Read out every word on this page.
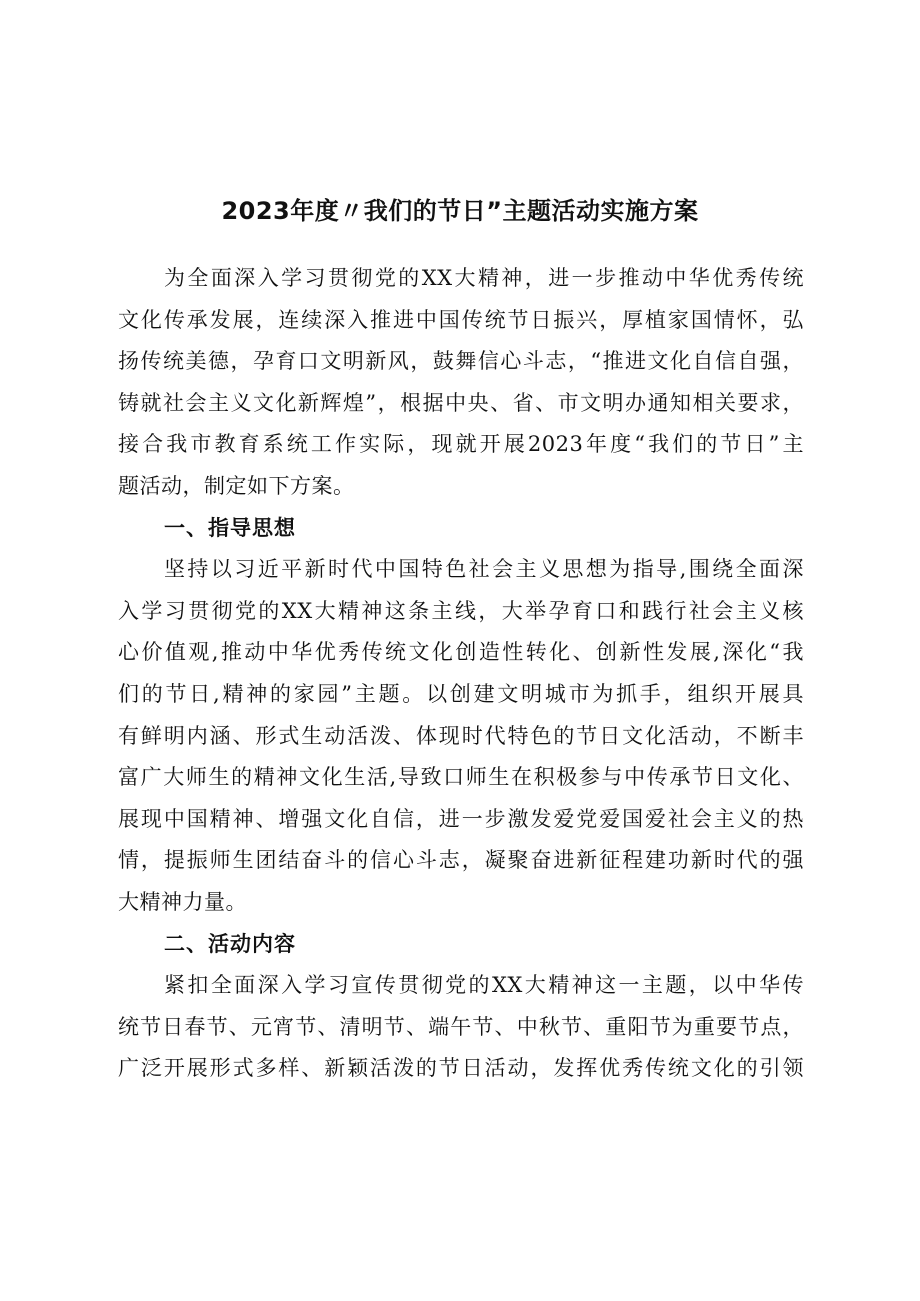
2023年度〃我们的节日”主题活动实施方案
为全面深入学习贯彻党的XX大精神，进一步推动中华优秀传统
文化传承发展，连续深入推进中国传统节日振兴，厚植家国情怀，弘
扬传统美德，孕育口文明新风，鼓舞信心斗志，“推进文化自信自强，
铸就社会主义文化新辉煌”，根据中央、省、市文明办通知相关要求，
接合我市教育系统工作实际，现就开展2023年度“我们的节日”主
题活动，制定如下方案。
一、指导思想
坚持以习近平新时代中国特色社会主义思想为指导,围绕全面深
入学习贯彻党的XX大精神这条主线，大举孕育口和践行社会主义核
心价值观,推动中华优秀传统文化创造性转化、创新性发展,深化“我
们的节日,精神的家园”主题。以创建文明城市为抓手，组织开展具
有鲜明内涵、形式生动活泼、体现时代特色的节日文化活动，不断丰
富广大师生的精神文化生活,导致口师生在积极参与中传承节日文化、
展现中国精神、增强文化自信，进一步激发爱党爱国爱社会主义的热
情，提振师生团结奋斗的信心斗志，凝聚奋进新征程建功新时代的强
大精神力量。
二、活动内容
紧扣全面深入学习宣传贯彻党的XX大精神这一主题，以中华传
统节日春节、元宵节、清明节、端午节、中秋节、重阳节为重要节点，
广泛开展形式多样、新颖活泼的节日活动，发挥优秀传统文化的引领
